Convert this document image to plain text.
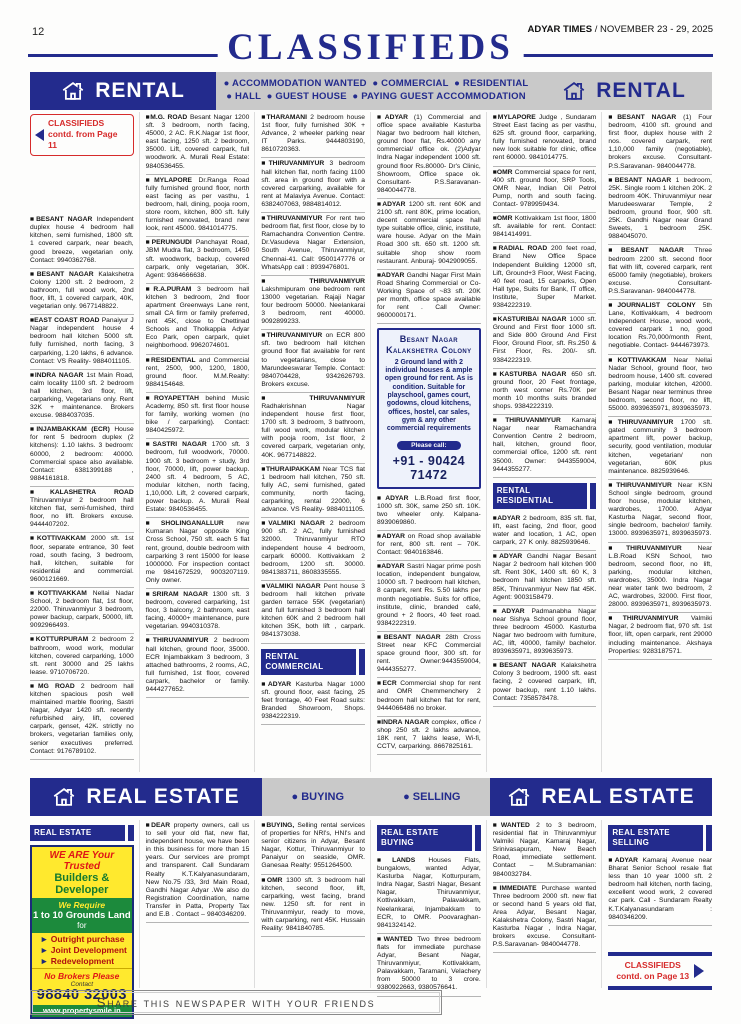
12	ADYAR TIMES / NOVEMBER 23 - 29, 2025
CLASSIFIEDS
RENTAL	● ACCOMMODATION WANTED  ● COMMERCIAL  ● RESIDENTIAL
● HALL  ● GUEST HOUSE  ● PAYING GUEST ACCOMMODATION	RENTAL
CLASSIFIEDS
contd. from Page 11
■BESANT NAGAR Independent duplex house 4 bedroom hall kitchen, semi furnished, 1800 sft. 1 covered carpark, near beach, good breeze, vegetarian only. Contact: 9940362768.
■BESANT NAGAR Kalakshetra Colony 1200 sft. 2 bedroom, 2 bathroom, full wood work, 2nd floor, lift, 1 covered carpark, 40K, vegetarian only. 9677148822.
■EAST COAST ROAD Panaiyur J Nagar independent house 4 bedroom hall kitchen 5000 sft. fully furnished, north facing, 3 carparking, 1.20 lakhs, 6 advance. Contact: VS Reality- 9884011105.
■INDRA NAGAR 1st Main Road, calm locality 1100 sft. 2 bedroom hall kitchen, 3rd floor, lift, carparking, Vegetarians only. Rent 32K + maintenance. Brokers excuse. 9884037035.
■INJAMBAKKAM (ECR) House for rent 5 bedroom duplex (2 kitchens): 1.10 lakhs. 3 bedroom: 60000, 2 bedroom: 40000. Commercial space also available. Contact: 6381399188 , 9884161818.
■KALASHETRA ROAD Thiruvanmiyur 2 bedroom hall kitchen flat, semi-furnished, third floor, no lift. Brokers excuse. 9444407202.
■KOTTIVAKKAM 2000 sft. 1st floor, separate entrance, 30 feet road, south facing, 3 bedroom, hall, kitchen, suitable for residential and commercial. 9600121669.
■KOTTIVAKKAM Nellai Nadar School, 2 bedroom flat, 1st floor, 22000. Thiruvanmiyur 3 bedroom, power backup, carpark, 50000, lift. 9092966493.
■KOTTURPURAM 2 bedroom 2 bathroom, wood work, modular kitchen, covered carparking, 1000 sft. rent 30000 and 25 lakhs lease. 9710706720.
■MG ROAD 2 bedroom hall kitchen spacious posh well maintained marble flooring, Sastri Nagar, Adyar 1420 sft. recently refurbished airy, lift, covered carpark, genset, 42K. strictly no brokers, vegetarian families only, senior executives preferred. Contact: 9176789102.
■M.G. ROAD Besant Nagar 1200 sft. 3 bedroom, north facing, 45000, 2 AC. R.K.Nagar 1st floor, east facing, 1250 sft. 2 bedroom, 35000. Lift, covered carpark, full woodwork. A. Murali Real Estate: 9840536455.
■MYLAPORE Dr.Ranga Road fully furnished ground floor, north east facing as per vasthu, 1 bedroom, hall, dining, pooja room, store room, kitchen, 800 sft. fully furnished renovated, brand new look, rent 45000. 9841014775.
■PERUNGUDI Panchayat Road, JBM Mudra flat, 3 bedroom, 1450 sft. woodwork, backup, covered carpark, only vegetarian, 30K. Agent: 9364666638.
■R.A.PURAM 3 bedroom hall kitchen 3 bedroom, 2nd floor apartment Greenways Lane rent, small CA firm or family preferred, rent 45K, close to Chettinad Schools and Tholkappia Adyar Eco Park, open carpark, quiet neighborhood. 9962074601.
■RESIDENTIAL and Commercial rent, 2500, 900, 1200, 1800, ground floor. M.M.Realty: 9884154648.
■ROYAPETTAH behind Music Academy, 850 sft. first floor house for family, working women (no bike / carparking). Contact: 9840425972.
■SASTRI NAGAR 1700 sft. 3 bedroom, full woodwork, 70000. 1900 sft. 3 bedroom + study, 3rd floor, 70000, lift, power backup. 2400 sft. 4 bedroom, 5 AC, modular kitchen, north facing, 1,10,000. Lift, 2 covered carpark, power backup. A. Murali Real Estate: 9840536455.
■SHOLINGANALLUR new Kumaran Nagar opposite King Cross School, 750 sft. each 5 flat rent, ground, double bedroom with carparking 3 rent 15000 for lease 1000000. For inspection contact me 9841672529, 9003207119. Only owner.
■SRIRAM NAGAR 1300 sft. 3 bedroom, covered carparking, 1st floor, 3 balcony, 2 bathroom, east facing, 40000+ maintenance, pure vegetarian. 9940310378.
■THIRUVANMIYUR 2 bedroom hall kitchen, ground floor, 35000. ECR Injambakkam 3 bedroom, 3 attached bathrooms, 2 rooms, AC, full furnished, 1st floor, covered carpark, bachelor or family. 9444277652.
■THARAMANI 2 bedroom house 1st floor, fully furnished 30K + Advance, 2 wheeler parking near IT Parks. 9444803190, 8610720363.
■THIRUVANMIYUR 3 bedroom hall kitchen flat, north facing 1100 sft. area in ground floor with a covered carparking, available for rent at Malaviya Avenue. Contact: 6382407063, 9884814012.
■THIRUVANMIYUR For rent two bedroom flat, first floor, close by to Ramachandra Convention Centre. Dr.Vasudeva Nagar Extension, South Avenue, Thiruvanmiyur, Chennai-41. Call: 9500147776 or WhatsApp call : 8939476801.
■THIRUVANMIYUR Lakshmipuram one bedroom rent 13000 vegetarian. Rajaji Nagar four bedroom 50000. Neelankarai 3 bedroom, rent 40000. 9092899233.
■THIRUVANMIYUR on ECR 800 sft. two bedroom hall kitchen ground floor flat available for rent to vegetarians, close to Marundeeswarar Temple. Contact: 9840704428, 9342626793. Brokers excuse.
■THIRUVANMIYUR Radhakrishnan Nagar independent house first floor, 1700 sft. 3 bedroom, 3 bathroom, full wood work, modular kitchen with pooja room, 1st floor, 2 covered carpark, vegetarian only, 40K. 9677148822.
■THURAIPAKKAM Near TCS flat 1 bedroom hall kitchen, 750 sft. fully AC, semi furnished, gated community, north facing, carparking, rental 22000, 6 advance. VS Reality- 9884011105.
■VALMIKI NAGAR 2 bedroom 900 sft. 2 AC, fully furnished 32000. Thiruvanmiyur RTO independent house 4 bedroom, carpark 60000. Kottivakkam 2 bedroom, 1200 sft. 30000. 9841383711, 8608335555.
■VALMIKI NAGAR Pent house 3 bedroom hall kitchen private garden terrace 55K (vegetarian) and full furnished 3 bedroom hall kitchen 60K and 2 bedroom hall kitchen 35K, both lift , carpark. 9841373038.
RENTAL
COMMERCIAL
■ADYAR Kasturba Nagar 1000 sft. ground floor, east facing, 25 feet frontage, 40 Feet Road suits: Branded Showroom, Shops. 9384222319.
■ADYAR (1) Commercial and office space available Kasturba Nagar two bedroom hall kitchen, ground floor flat, Rs.40000 any commercial/ office ok. (2)Adyar Indra Nagar independent 1000 sft. ground floor Rs.80000- Dr's Clinic, Showroom, Office space ok. Consultant- P.S.Saravanan- 9840044778.
■ADYAR 1200 sft. rent 60K and 2100 sft. rent 80K, prime location, decent commercial space hall type suitable office, clinic, institute, ware house. Adyar on the Main Road 300 sft. 650 sft. 1200 sft. suitable shop show room restaurant. Anburaj- 9042909055.
■ADYAR Gandhi Nagar First Main Road Sharing Commercial or Co-Working Space of ~83 sft. 20K per month, office space available for rent . Call Owner: 9600000171.
Besant Nagar
Kalakshetra Colony
2 Ground land with 2 individual houses & ample open ground for rent. As is condition. Suitable for playschool, games court, godowns, cloud kitchens, offices, hostel, car sales, gym & any other commercial requirements
Please call:
+91 - 90424 71472
■ADYAR L.B.Road first floor, 1000 sft. 30K, same 250 sft. 10K. two wheeler only. Kalpana- 8939069860.
■ADYAR on Road shop available for rent, 800 sft. rent – 70K. Contact: 9840163846.
■ADYAR Sastri Nagar prime posh location, independent bungalow, 10000 sft. 7 bedroom hall kitchen, 8 carpark, rent Rs. 5.50 lakhs per month negotiable. Suits for office, institute, clinic, branded café, ground + 2 floors, 40 feet road. 9384222319.
■BESANT NAGAR 28th Cross Street near KFC Commercial space ground floor, 300 sft. for rent. Owner:9443559004, 9444355277.
■ECR Commercial shop for rent and OMR Chemmenchery 2 bedroom hall kitchen flat for rent, 9444066486 no broker.
■INDRA NAGAR complex, office / shop 250 sft. 2 lakhs advance, 18K rent, 7 lakhs lease, Wi-fi, CCTV, carparking. 8667825161.
■MYLAPORE Judge , Sundaram Street East facing as per vasthu, 625 sft. ground floor, carparking, fully furnished renovated, brand new look suitable for clinic, office rent 60000. 9841014775.
■OMR Commercial space for rent, 400 sft. ground floor, SRP Tools, OMR Near, Indian Oil Petrol Pump, north and south facing. Contact- 9789959434.
■OMR Kottivakkam 1st floor, 1800 sft. available for rent. Contact: 9841414991.
■RADIAL ROAD 200 feet road, Brand New Office Space Independent Building 12000 sft, Lift, Ground+3 Floor, West Facing, 40 feet road, 15 carparks, Open Hall type, Suits for Bank, IT office, Institute, Super Market. 9384222319.
■KASTURIBAI NAGAR 1000 sft. Ground and First floor 1000 sft. and Side 800 Ground And First Floor, Ground Floor, sft. Rs.250 & First Floor, Rs. 200/- sft. 9384222319.
■KASTURBA NAGAR 650 sft. ground floor, 20 Feet frontage, north west corner Rs.70K per month 10 months suits branded shops. 9384222319.
■THIRUVANMIYUR Kamaraj Nagar near Ramachandra Convention Centre 2 bedroom, hall, kitchen, ground floor, commercial office, 1200 sft. rent 35000. Owner: 9443559004, 9444355277.
RENTAL
RESIDENTIAL
■ADYAR 2 bedroom, 835 sft. flat, lift, east facing, 2nd floor, good water and location, 1 AC, open carpark, 27 K only. 8825939646.
■ADYAR Gandhi Nagar Besant Nagar 2 bedroom hall kitchen 900 sft. Rent 30K, 1400 sft. 60 K, 3 bedroom hall kitchen 1850 sft. 85K, Thiruvanmiyur New flat 45K. Agent: 9003158479.
■ADYAR Padmanabha Nagar near Sishya School ground floor, three bedroom 45000. Kasturba Nagar two bedroom with furniture, AC, lift, 40000, family/ bachelor. 8939635971, 8939635973.
■BESANT NAGAR Kalakshetra Colony 3 bedroom, 1900 sft. east facing, 2 covered carpark, lift, power backup, rent 1.10 lakhs. Contact: 7358578478.
■BESANT NAGAR (1) Four bedroom, 4100 sft. ground and first floor, duplex house with 2 nos. covered carpark, rent 1,10,000 family (negotiable), brokers excuse. Consultant- P.S.Saravanan- 9840044778.
■BESANT NAGAR 1 bedroom, 25K. Single room 1 kitchen 20K. 2 bedroom 40K. Thiruvanmiyur near Marudeeswarar Temple, 2 bedroom, ground floor, 900 sft. 25K. Gandhi Nagar near Grand Sweets, 1 bedroom 25K. 9884045070.
■BESANT NAGAR Three bedroom 2200 sft. second floor flat with lift, covered carpark, rent 65000 family (negotiable), brokers excuse. Consultant- P.S.Saravanan- 9840044778.
■JOURNALIST COLONY 5th Lane, Kottivakkam, 4 bedroom Independent House, wood work, covered carpark 1 no, good location Rs.70,000/month Rent, negotiable. Contact- 9444673973.
■KOTTIVAKKAM Near Nellai Nadar School, ground floor, two bedroom house, 1400 sft. covered parking, modular kitchen, 42000. Besant Nagar near terminus three bedroom, second floor, no lift, 55000. 8939635971, 8939635973.
■THIRUVANMIYUR 1700 sft. gated community 3 bedroom apartment lift, power backup, security, good ventilation, modular kitchen, vegetarian/ non vegetarian, 60K plus maintenance. 8825939646.
■THIRUVANMIYUR Near KSN School single bedroom, ground floor house, modular kitchen, wardrobes, 17000. Adyar Kasturba Nagar, second floor, single bedroom, bachelor/ family. 13000. 8939635971, 8939635973.
■THIRUVANMIYUR Near L.B.Road KSN School, two bedroom, second floor, no lift, parking, modular kitchen, wardrobes, 35000. Indra Nagar near water tank two bedroom, 2 AC, wardrobes, 32000. First floor, 28000. 8939635971, 8939635973.
■THIRUVANMIYUR Valmiki Nagar, 2 bedroom flat, 970 sft. 1st floor, lift, open carpark, rent 29000 including maintenance. Akshaya Properties: 9283187571.
REAL ESTATE	● BUYING	● SELLING	REAL ESTATE
REAL ESTATE
WE ARE Your Trusted
Builders & Developer
We Require
1 to 10 Grounds Land
for
► Outright purchase
► Joint Development
► Redevelopment
No Brokers Please
Contact
98840 32003
www.propertysmile.in
■DEAR property owners, call us to sell your old flat, new flat, independent house, we have been in this business for more than 15 years. Our services are prompt and transparent. Call Sundaram Realty K.T.Kalyanasundaram, New No.75 /33, 3rd Main Road, Gandhi Nagar Adyar .We also do Registration Coordination, name Transfer in Patta, Property Tax and E.B . Contact – 9840346209.
■BUYING, Selling rental services of properties for NRI's, HNI's and senior citizens in Adyar, Besant Nagar, Kottur, Thiruvanmiyur to Panaiyur on seaside, OMR. Ganesaa Realty: 9551264500.
■OMR 1300 sft. 3 bedroom hall kitchen, second floor, lift, carparking, west facing, brand new. 1250 sft. for rent in Thiruvanmiyur, ready to move, with carparking, rent 45K. Hussain Reality: 9841840785.
REAL ESTATE
BUYING
■LANDS Houses Flats, bungalows, wanted Adyar, Kasturba Nagar, Kotturpuram, Indra Nagar, Sastri Nagar, Besant Nagar, Thiruvanmiyur, Kottivakkam, Palavakkam, Neelankarai, Injambakkam to ECR, to OMR. Poovaraghan- 9841324142.
■WANTED Two three bedroom flats for immediate purchase Adyar, Besant Nagar, Thiruvanmiyur, Kottivakkam, Palavakkam, Taramani, Velachery from 50000 to 3 crore. 9380922663, 9380576641.
■WANTED 2 to 3 bedroom, residential flat in Thiruvanmiyur Valmiki Nagar, Kamaraj Nagar, Srinivasapuram, New Beach Road, immediate settlement. Contact – M.Subramanian: 9840032784.
■IMMEDIATE Purchase wanted Three bedroom 2000 sft. new flat or second hand 5 years old flat, Area Adyar, Besant Nagar, Kalakshetra Colony, Sastri Nagar, Kasturba Nagar , Indra Nagar, brokers excuse. Consultant- P.S.Saravanan- 9840044778.
REAL ESTATE
SELLING
■ADYAR Kamaraj Avenue near Bharat Senior School resale flat less than 10 year 1000 sft. 2 bedroom hall kitchen, north facing, excellent wood work, 2 covered car park. Call - Sundaram Realty K.T.Kalyanasundaram : 9840346209.
CLASSIFIEDS
contd. on Page 13
Share this newspaper with your friends
